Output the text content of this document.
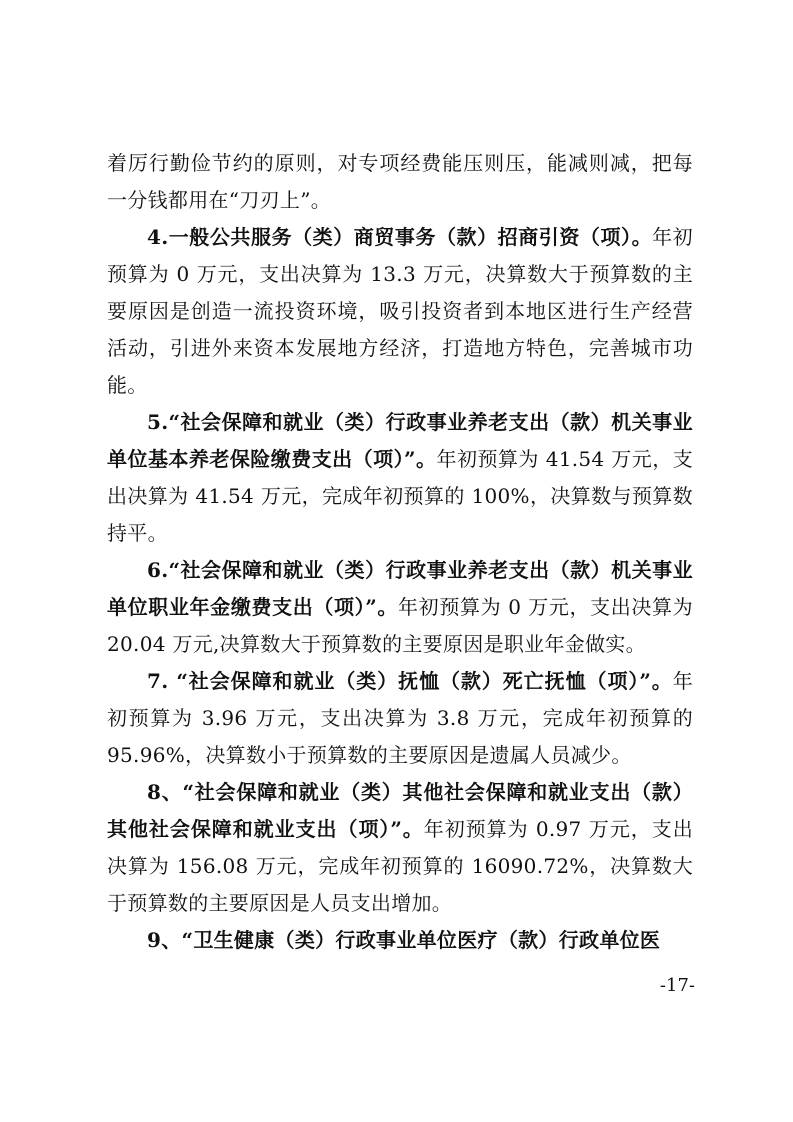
着厉行勤俭节约的原则，对专项经费能压则压，能减则减，把每一分钱都用在“刀刃上”。

4.一般公共服务（类）商贸事务（款）招商引资（项）。年初预算为 0 万元，支出决算为 13.3 万元，决算数大于预算数的主要原因是创造一流投资环境，吸引投资者到本地区进行生产经营活动，引进外来资本发展地方经济，打造地方特色，完善城市功能。

5.“社会保障和就业（类）行政事业养老支出（款）机关事业单位基本养老保险缴费支出（项）”。年初预算为 41.54 万元，支出决算为 41.54 万元，完成年初预算的 100%，决算数与预算数持平。

6.“社会保障和就业（类）行政事业养老支出（款）机关事业单位职业年金缴费支出（项）”。年初预算为 0 万元，支出决算为 20.04 万元,决算数大于预算数的主要原因是职业年金做实。

7. “社会保障和就业（类）抚恤（款）死亡抚恤（项）”。年初预算为 3.96 万元，支出决算为 3.8 万元，完成年初预算的 95.96%，决算数小于预算数的主要原因是遗属人员减少。

8、“社会保障和就业（类）其他社会保障和就业支出（款）其他社会保障和就业支出（项）”。年初预算为 0.97 万元，支出决算为 156.08 万元，完成年初预算的 16090.72%，决算数大于预算数的主要原因是人员支出增加。

9、“卫生健康（类）行政事业单位医疗（款）行政单位医

-17-
